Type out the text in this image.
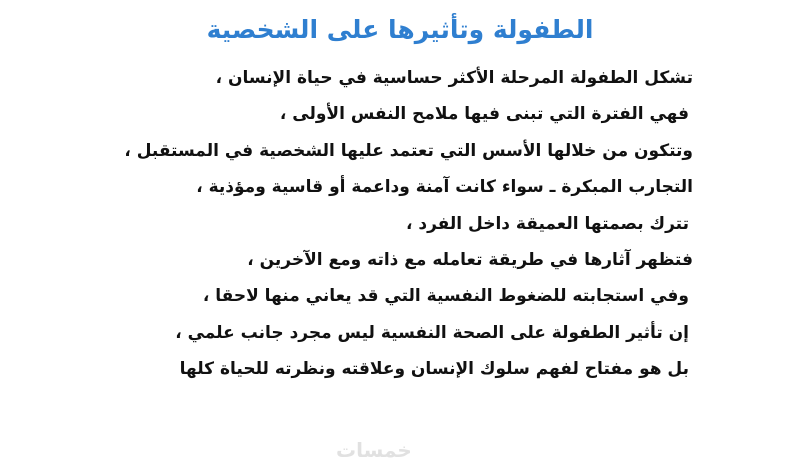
الطفولة وتأثيرها على الشخصية
تشكل الطفولة المرحلة الأكثر حساسية في حياة الإنسان ،
فهي الفترة التي تبنى فيها ملامح النفس الأولى ،
وتتكون من خلالها الأسس التي تعتمد عليها الشخصية في المستقبل ،
التجارب المبكرة ـ سواء كانت آمنة وداعمة أو قاسية ومؤذية ،
تترك بصمتها العميقة داخل الفرد ،
فتظهر آثارها في طريقة تعامله مع ذاته ومع الآخرين ،
وفي استجابته للضغوط النفسية التي قد يعاني منها لاحقا ،
إن تأثير الطفولة على الصحة النفسية ليس مجرد جانب علمي ،
بل هو مفتاح لفهم سلوك الإنسان وعلاقته ونظرته للحياة كلها
خمسات
